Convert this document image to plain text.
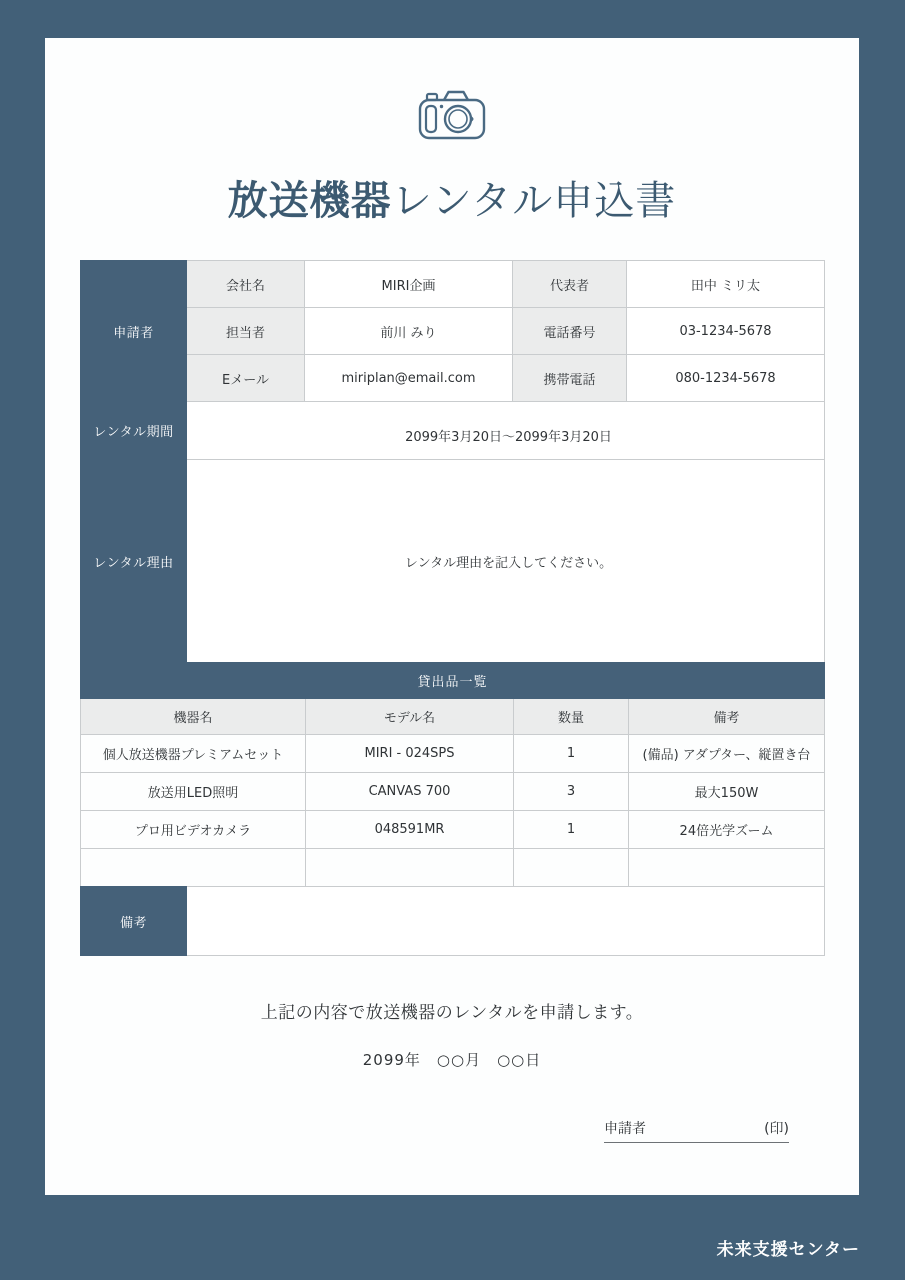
放送機器レンタル申込書
申請者	会社名	MIRI企画	代表者	田中 ミリ太
	担当者	前川 みり	電話番号	03-1234-5678
	Eメール	miriplan@email.com	携帯電話	080-1234-5678
レンタル期間	2099年3月20日〜2099年3月20日			
レンタル理由	レンタル理由を記入してください。			
貸出品一覧			
機器名	モデル名	数量	備考
個人放送機器プレミアムセット	MIRI - 024SPS	1	(備品) アダプター、縦置き台
放送用LED照明	CANVAS 700	3	最大150W
プロ用ビデオカメラ	048591MR	1	24倍光学ズーム

備考	
上記の内容で放送機器のレンタルを申請します。
2099年　○○月　○○日
申請者	(印)
未来支援センター
